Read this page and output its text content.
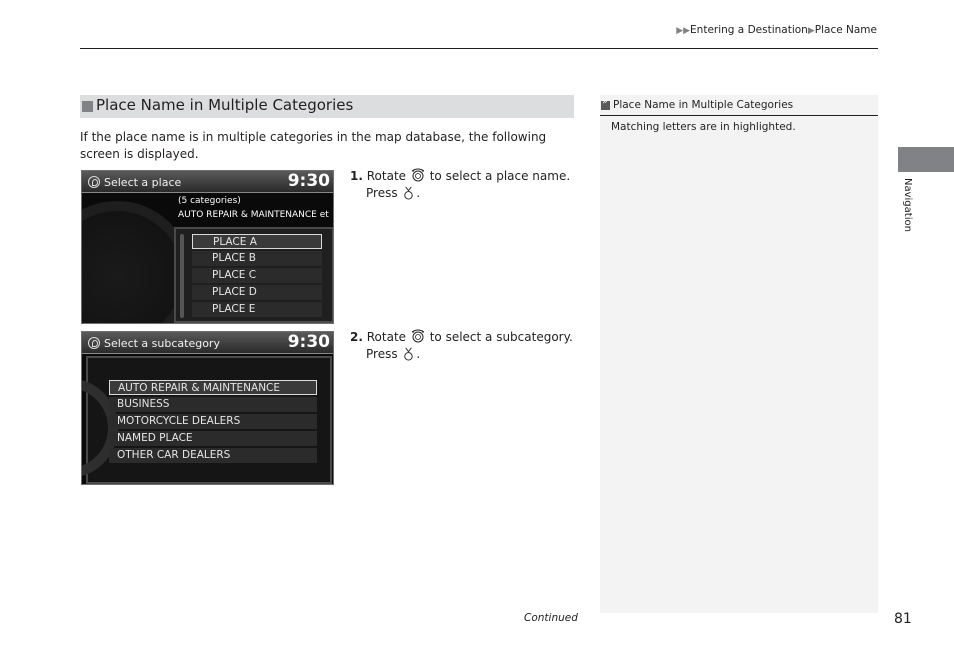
▶▶Entering a Destination▶Place Name
Place Name in Multiple Categories
If the place name is in multiple categories in the map database, the following screen is displayed.
Select a place	9:30
(5 categories)
AUTO REPAIR & MAINTENANCE et
PLACE A
PLACE B
PLACE C
PLACE D
PLACE E
Select a subcategory	9:30
AUTO REPAIR & MAINTENANCE
BUSINESS
MOTORCYCLE DEALERS
NAMED PLACE
OTHER CAR DEALERS
1. Rotate to select a place name.
Press .
2. Rotate to select a subcategory.
Press .
»
Place Name in Multiple Categories
Matching letters are in highlighted.
Navigation
Continued	81
